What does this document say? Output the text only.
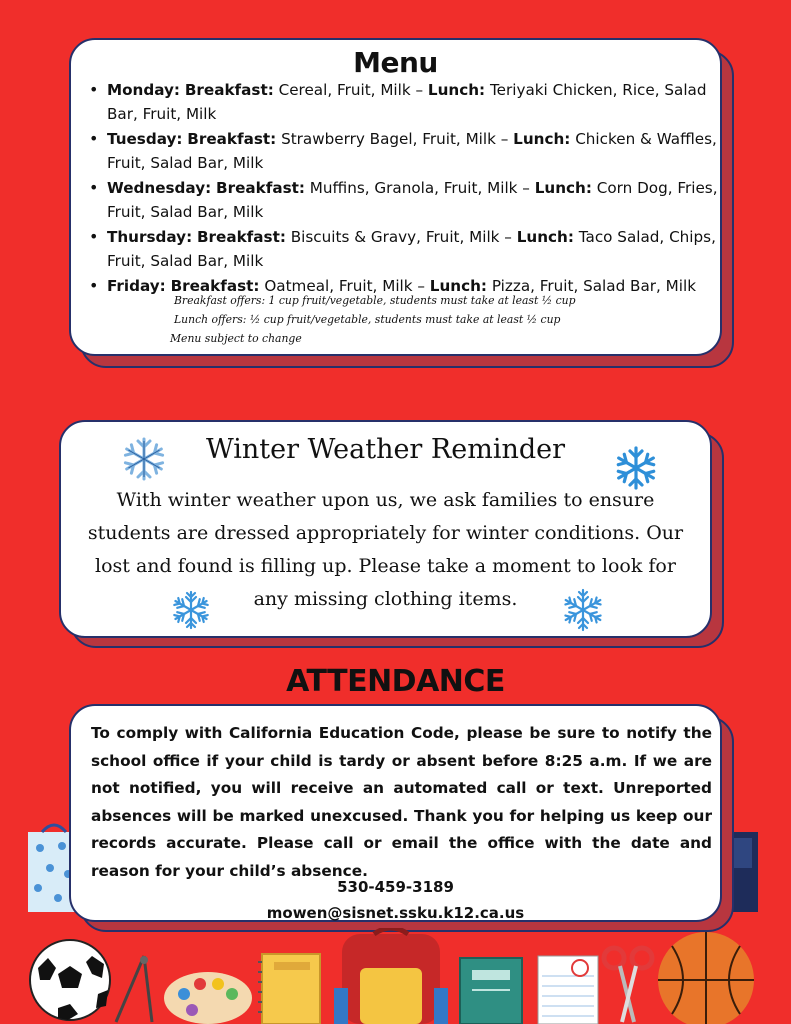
Menu
• Monday: Breakfast: Cereal, Fruit, Milk – Lunch: Teriyaki Chicken, Rice, Salad Bar, Fruit, Milk
• Tuesday: Breakfast: Strawberry Bagel, Fruit, Milk – Lunch: Chicken & Waffles, Fruit, Salad Bar, Milk
• Wednesday: Breakfast: Muffins, Granola, Fruit, Milk – Lunch: Corn Dog, Fries, Fruit, Salad Bar, Milk
• Thursday: Breakfast: Biscuits & Gravy, Fruit, Milk – Lunch: Taco Salad, Chips, Fruit, Salad Bar, Milk
• Friday: Breakfast: Oatmeal, Fruit, Milk – Lunch: Pizza, Fruit, Salad Bar, Milk
Breakfast offers: 1 cup fruit/vegetable, students must take at least ½ cup
Lunch offers: ½ cup fruit/vegetable, students must take at least ½ cup
Menu subject to change
Winter Weather Reminder
With winter weather upon us, we ask families to ensure students are dressed appropriately for winter conditions. Our lost and found is filling up. Please take a moment to look for any missing clothing items.
ATTENDANCE
To comply with California Education Code, please be sure to notify the school office if your child is tardy or absent before 8:25 a.m. If we are not notified, you will receive an automated call or text. Unreported absences will be marked unexcused. Thank you for helping us keep our records accurate. Please call or email the office with the date and reason for your child’s absence.
530-459-3189
mowen@sisnet.ssku.k12.ca.us
